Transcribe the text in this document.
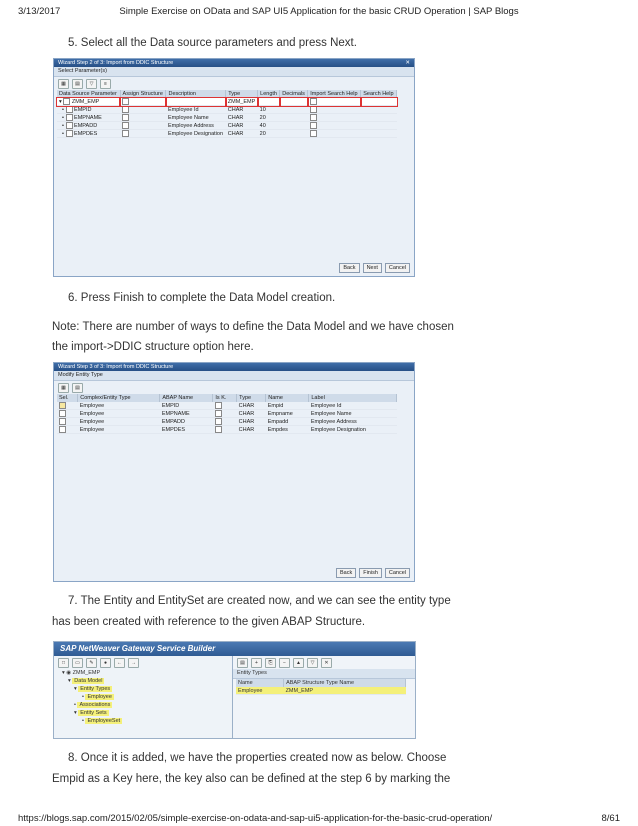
3/13/2017	Simple Exercise on OData and SAP UI5 Application for the basic CRUD Operation | SAP Blogs
5. Select all the Data source parameters and press Next.
Wizard Step 2 of 3: Import from DDIC Structure	✕
Select Parameter(s)
▦	▤	▽	≡
Data Source Parameter	Assign Structure	Description	Type	Length	Decimals	Import Search Help	Search Help
▾  ZMM_EMP			ZMM_EMP				
•  EMPID		Employee Id	CHAR	10			
•  EMPNAME		Employee Name	CHAR	20			
•  EMPADD		Employee Address	CHAR	40			
•  EMPDES		Employee Designation	CHAR	20			
Back	Next	Cancel
6. Press Finish to complete the Data Model creation.
Note: There are number of ways to define the Data Model and we have chosen
the import->DDIC structure option here.
Wizard Step 3 of 3: Import from DDIC Structure
Modify Entity Type
▦	▤
Sel.	Complex/Entity Type	ABAP Name	Is K.	Type	Name	Label
	Employee	EMPID		CHAR	Empid	Employee Id
	Employee	EMPNAME		CHAR	Empname	Employee Name
	Employee	EMPADD		CHAR	Empadd	Employee Address
	Employee	EMPDES		CHAR	Empdes	Employee Designation
Back	Finish	Cancel
7. The Entity and EntitySet are created now, and we can see the entity type
has been created with reference to the given ABAP Structure.
SAP NetWeaver Gateway Service Builder
□	▭	✎	●	←	→
▾ ◉ ZMM_EMP
▾ Data Model
▾ Entity Types
• Employee
• Associations
▾ Entity Sets
• EmployeeSet
▤	+	⎘	−	▲	▽	✕
Entity Types
Name	ABAP Structure Type Name
Employee	ZMM_EMP
8. Once it is added, we have the properties created now as below. Choose
Empid as a Key here, the key also can be defined at the step 6 by marking the
https://blogs.sap.com/2015/02/05/simple-exercise-on-odata-and-sap-ui5-application-for-the-basic-crud-operation/	8/61
